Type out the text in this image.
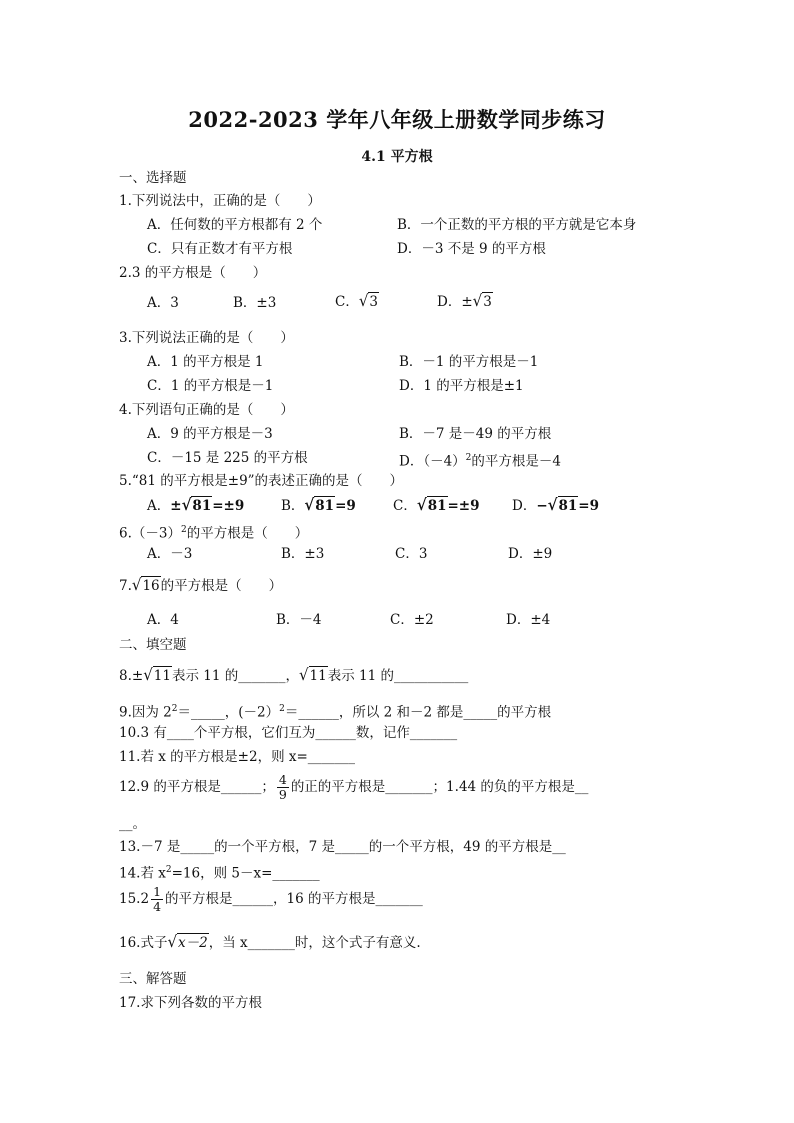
2022-2023 学年八年级上册数学同步练习
4.1 平方根
一、选择题
1.下列说法中，正确的是（　　）
A．任何数的平方根都有 2 个	B．一个正数的平方根的平方就是它本身
C．只有正数才有平方根	D．－3 不是 9 的平方根
2.3 的平方根是（　　）
A．3	B．±3	C．√3	D．±√3
3.下列说法正确的是（　　）
A．1 的平方根是 1	B．－1 的平方根是－1
C．1 的平方根是－1	D．1 的平方根是±1
4.下列语句正确的是（　　）
A．9 的平方根是－3	B．－7 是－49 的平方根
C．－15 是 225 的平方根	D．$(-4)^2$的平方根是－4
5.“81 的平方根是±9”的表述正确的是（　　）
A．±√81=±9	B．√81=9	C．√81=±9 D．−√81=9
$6.(-3)^2$的平方根是（　　）
A．－3	B．±3	C．3	D．±9
7.√16的平方根是（　　）
A．4	B．－4	C．±2	D．±4
二、填空题
8.±√11表示 11 的_______，√11表示 11 的___________
9.因为 $2^2=\_\_\_\_\_$，(－2）$^2$＝______，所以 2 和－2 都是_____的平方根
10.3 有____个平方根，它们互为______数，记作_______
11.若 x 的平方根是±2，则 x=_______
12.9 的平方根是______； $\frac{4}{9}$ 的正的平方根是_______；1.44 的负的平方根是__
__。
13.－7 是_____的一个平方根，7 是_____的一个平方根，49 的平方根是__
14.若 $x^2=16$，则 5－x=_______
$15.2 \frac{1}{4}$ 的平方根是______，16 的平方根是_______
16.式子√x－2，当 x_______时，这个式子有意义.
三、解答题
17.求下列各数的平方根
